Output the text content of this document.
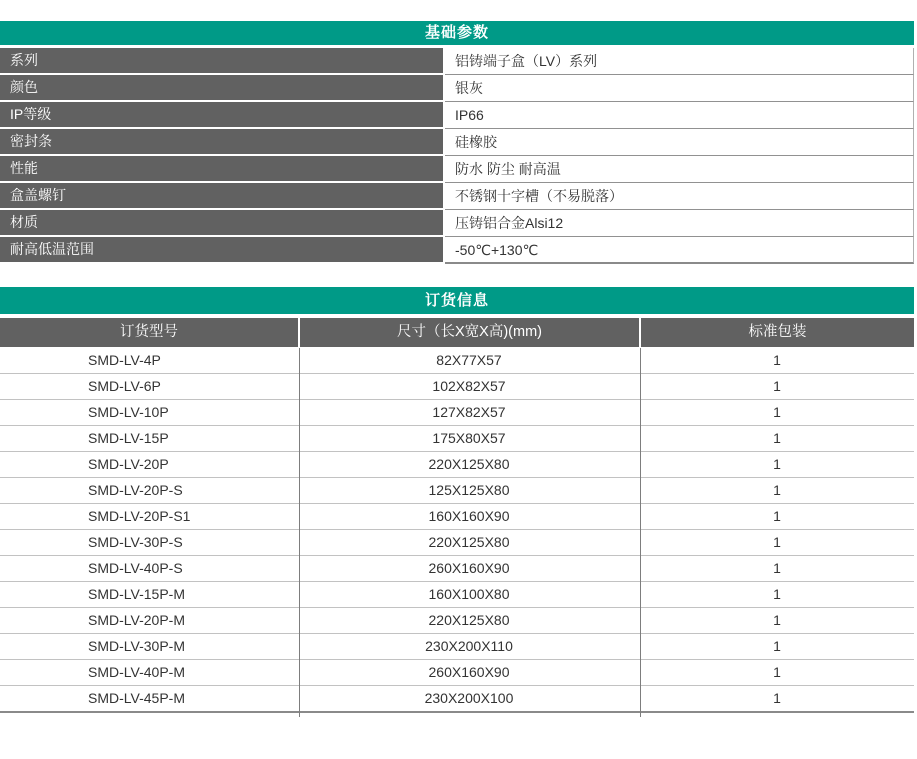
基础参数
系列	铝铸端子盒（LV）系列
颜色	银灰
IP等级	IP66
密封条	硅橡胶
性能	防水 防尘 耐高温
盒盖螺钉	不锈钢十字槽（不易脱落）
材质	压铸铝合金Alsi12
耐高低温范围	-50℃+130℃
订货信息
订货型号	尺寸（长X宽X高)(mm)	标准包装
SMD-LV-4P	82X77X57	1
SMD-LV-6P	102X82X57	1
SMD-LV-10P	127X82X57	1
SMD-LV-15P	175X80X57	1
SMD-LV-20P	220X125X80	1
SMD-LV-20P-S	125X125X80	1
SMD-LV-20P-S1	160X160X90	1
SMD-LV-30P-S	220X125X80	1
SMD-LV-40P-S	260X160X90	1
SMD-LV-15P-M	160X100X80	1
SMD-LV-20P-M	220X125X80	1
SMD-LV-30P-M	230X200X110	1
SMD-LV-40P-M	260X160X90	1
SMD-LV-45P-M	230X200X100	1
